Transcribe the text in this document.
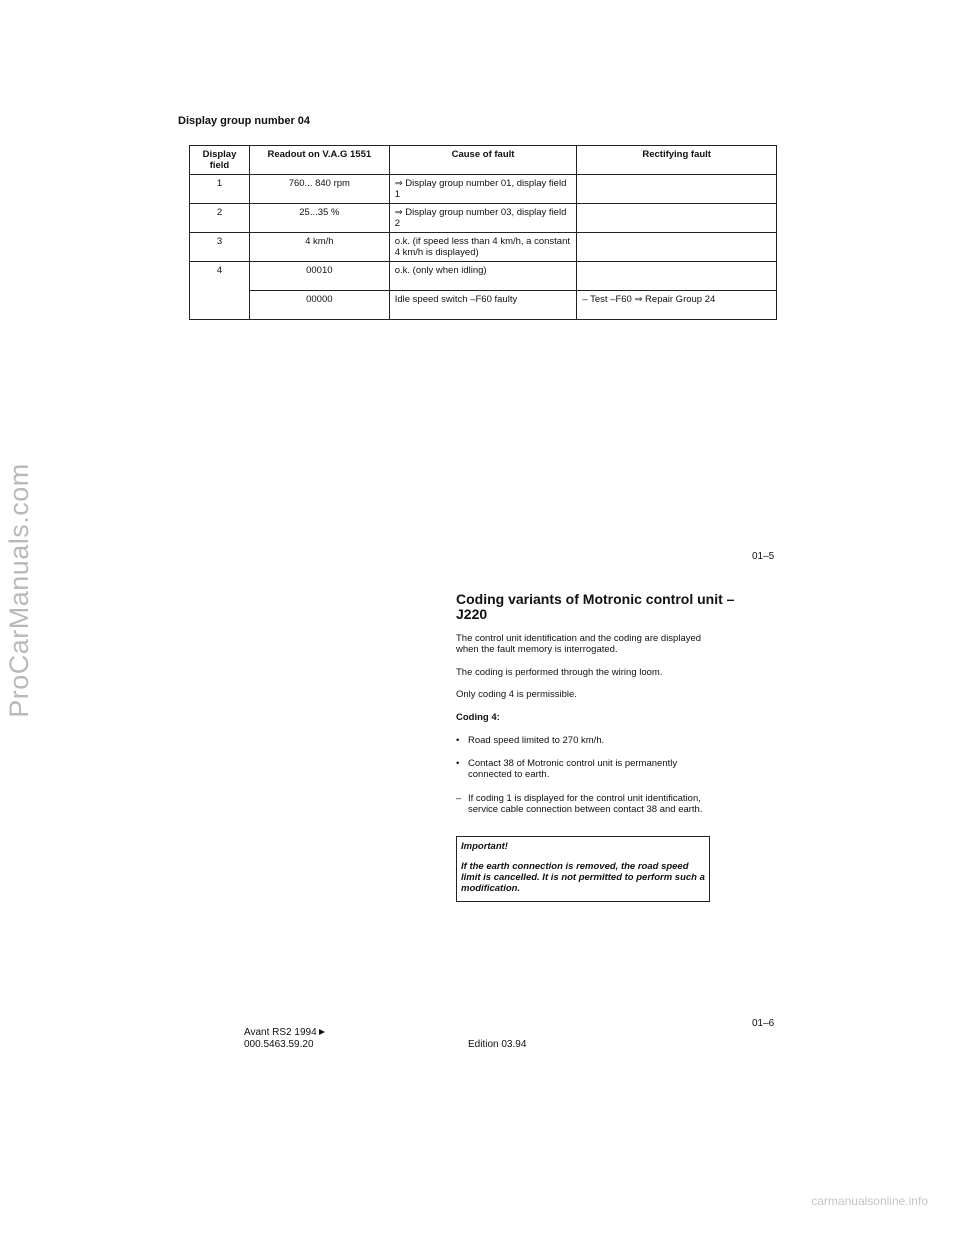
ProCarManuals.com
Display group number 04
Display field	Readout on V.A.G 1551	Cause of fault	Rectifying fault
1	760... 840 rpm	⇒ Display group number 01, display field 1	
2	25...35 %	⇒ Display group number 03, display field 2	
3	4 km/h	o.k. (if speed less than 4 km/h, a constant 4 km/h is displayed)	
4	00010	o.k. (only when idling)	
	00000	Idle speed switch –F60 faulty	– Test –F60 ⇒ Repair Group 24
01–5
Coding variants of Motronic control unit –J220
The control unit identification and the coding are displayed when the fault memory is interrogated.
The coding is performed through the wiring loom.
Only coding 4 is permissible.
Coding 4:
• Road speed limited to 270 km/h.
• Contact 38 of Motronic control unit is permanently connected to earth.
– If coding 1 is displayed for the control unit identification, service cable connection between contact 38 and earth.
Important!
If the earth connection is removed, the road speed limit is cancelled. It is not permitted to perform such a modification.
01–6
Avant RS2 1994
000.5463.59.20	Edition 03.94
carmanualsonline.info
